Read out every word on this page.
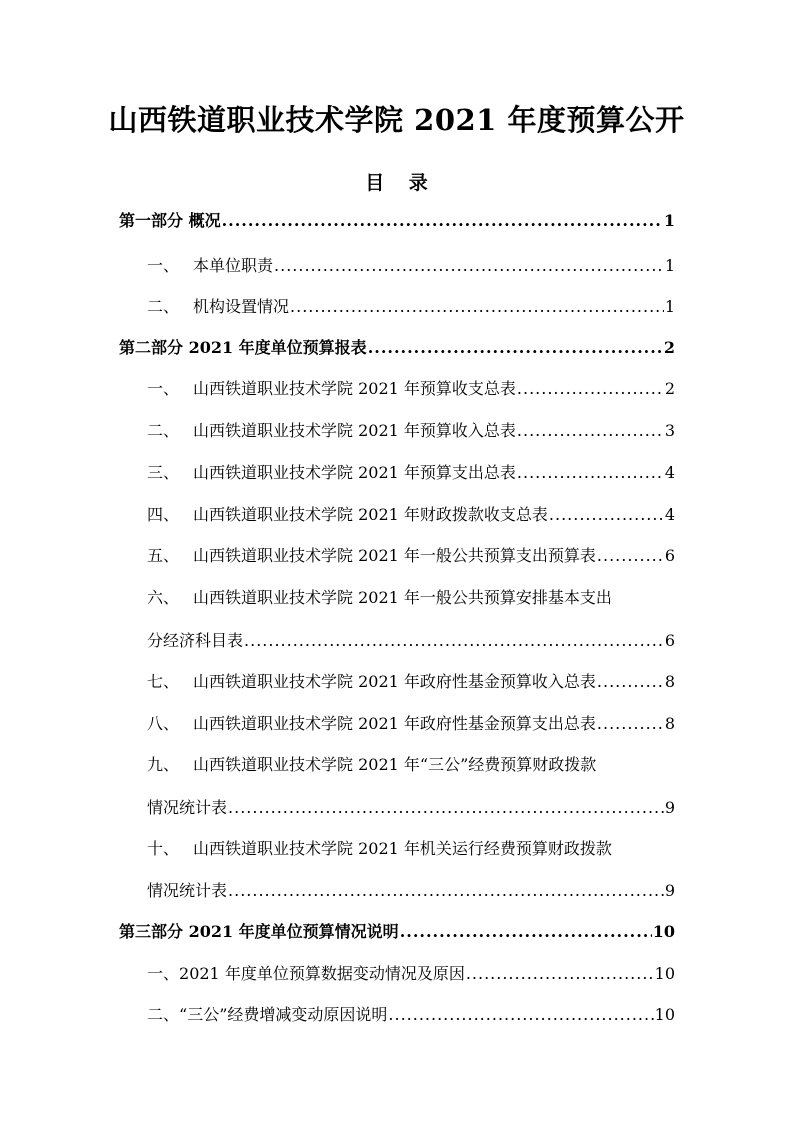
山西铁道职业技术学院 2021 年度预算公开
目 录
第一部分 概况 .....	1
一、 本单位职责 .....	1
二、 机构设置情况 .....	1
第二部分 2021 年度单位预算报表 .....	2
一、 山西铁道职业技术学院 2021 年预算收支总表 .....	2
二、 山西铁道职业技术学院 2021 年预算收入总表 .....	3
三、 山西铁道职业技术学院 2021 年预算支出总表 .....	4
四、 山西铁道职业技术学院 2021 年财政拨款收支总表 .....	4
五、 山西铁道职业技术学院 2021 年一般公共预算支出预算表 .....	6
六、 山西铁道职业技术学院 2021 年一般公共预算安排基本支出
分经济科目表 .....	6
七、 山西铁道职业技术学院 2021 年政府性基金预算收入总表 .....	8
八、 山西铁道职业技术学院 2021 年政府性基金预算支出总表 .....	8
九、 山西铁道职业技术学院 2021 年“三公”经费预算财政拨款
情况统计表 .....	9
十、 山西铁道职业技术学院 2021 年机关运行经费预算财政拨款
情况统计表 .....	9
第三部分 2021 年度单位预算情况说明 .....	10
一、 2021 年度单位预算数据变动情况及原因 .....	10
二、 “三公”经费增减变动原因说明 .....	10
